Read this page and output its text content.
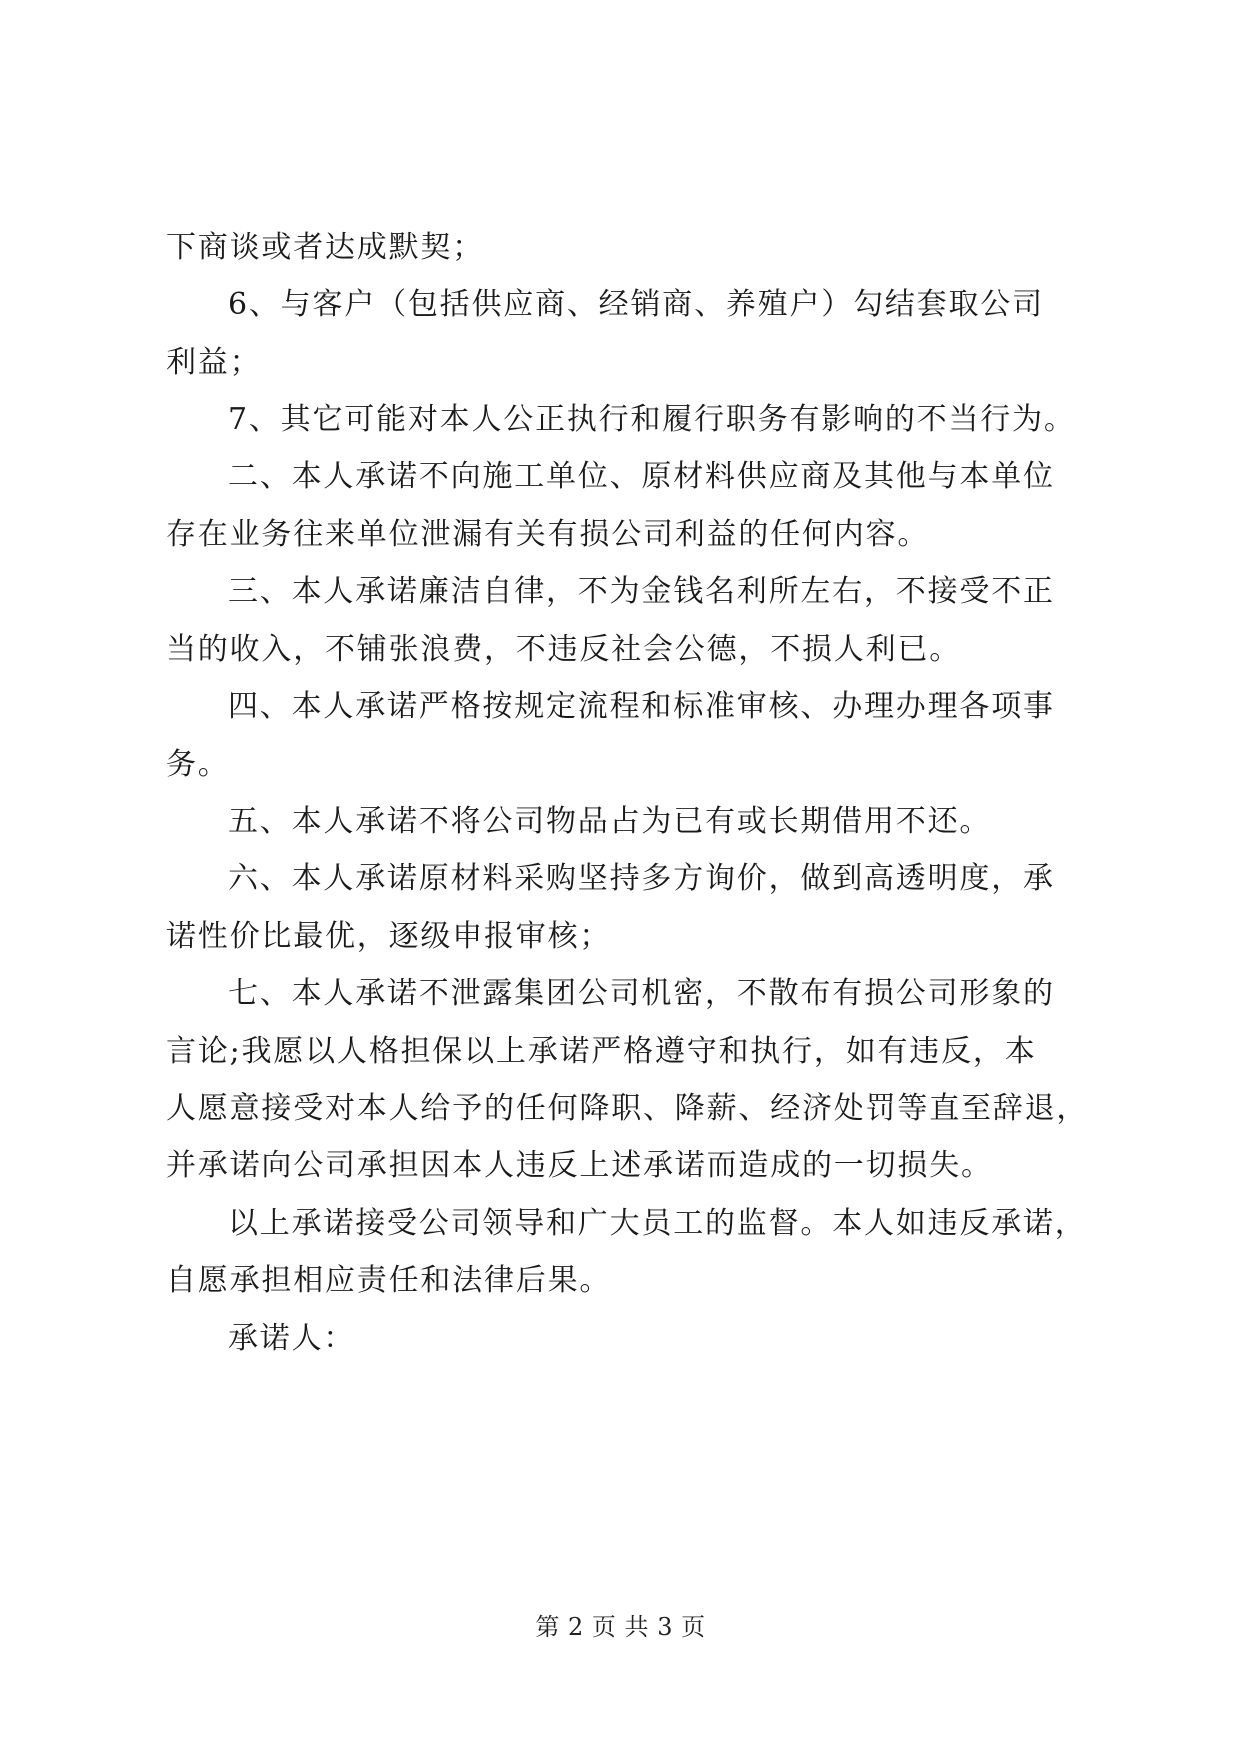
下商谈或者达成默契；
6、与客户（包括供应商、经销商、养殖户）勾结套取公司
利益；
7、其它可能对本人公正执行和履行职务有影响的不当行为。
二、本人承诺不向施工单位、原材料供应商及其他与本单位
存在业务往来单位泄漏有关有损公司利益的任何内容。
三、本人承诺廉洁自律，不为金钱名利所左右，不接受不正
当的收入，不铺张浪费，不违反社会公德，不损人利已。
四、本人承诺严格按规定流程和标准审核、办理办理各项事
务。
五、本人承诺不将公司物品占为已有或长期借用不还。
六、本人承诺原材料采购坚持多方询价，做到高透明度，承
诺性价比最优，逐级申报审核；
七、本人承诺不泄露集团公司机密，不散布有损公司形象的
言论;我愿以人格担保以上承诺严格遵守和执行，如有违反，本
人愿意接受对本人给予的任何降职、降薪、经济处罚等直至辞退，
并承诺向公司承担因本人违反上述承诺而造成的一切损失。
以上承诺接受公司领导和广大员工的监督。本人如违反承诺，
自愿承担相应责任和法律后果。
承诺人：
第 2 页 共 3 页
